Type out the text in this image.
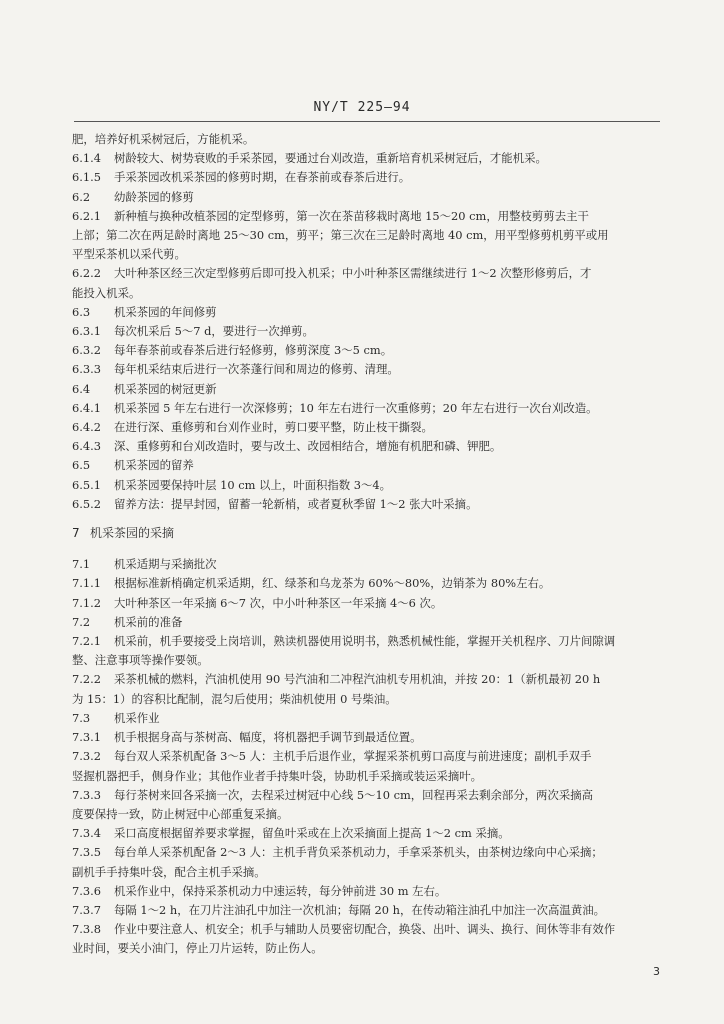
NY/T 225—94
肥，培养好机采树冠后，方能机采。
6.1.4 树龄较大、树势衰败的手采茶园，要通过台刈改造，重新培育机采树冠后，才能机采。
6.1.5 手采茶园改机采茶园的修剪时期，在春茶前或春茶后进行。
6.2 幼龄茶园的修剪
6.2.1 新种植与换种改植茶园的定型修剪，第一次在茶苗移栽时离地 15～20 cm，用整枝剪剪去主干
上部；第二次在两足龄时离地 25～30 cm，剪平；第三次在三足龄时离地 40 cm，用平型修剪机剪平或用
平型采茶机以采代剪。
6.2.2 大叶种茶区经三次定型修剪后即可投入机采；中小叶种茶区需继续进行 1～2 次整形修剪后，才
能投入机采。
6.3 机采茶园的年间修剪
6.3.1 每次机采后 5～7 d，要进行一次掸剪。
6.3.2 每年春茶前或春茶后进行轻修剪，修剪深度 3～5 cm。
6.3.3 每年机采结束后进行一次茶蓬行间和周边的修剪、清理。
6.4 机采茶园的树冠更新
6.4.1 机采茶园 5 年左右进行一次深修剪；10 年左右进行一次重修剪；20 年左右进行一次台刈改造。
6.4.2 在进行深、重修剪和台刈作业时，剪口要平整，防止枝干撕裂。
6.4.3 深、重修剪和台刈改造时，要与改土、改园相结合，增施有机肥和磷、钾肥。
6.5 机采茶园的留养
6.5.1 机采茶园要保持叶层 10 cm 以上，叶面积指数 3～4。
6.5.2 留养方法：提早封园，留蓄一轮新梢，或者夏秋季留 1～2 张大叶采摘。
7 机采茶园的采摘
7.1 机采适期与采摘批次
7.1.1 根据标准新梢确定机采适期，红、绿茶和乌龙茶为 60%～80%，边销茶为 80%左右。
7.1.2 大叶种茶区一年采摘 6～7 次，中小叶种茶区一年采摘 4～6 次。
7.2 机采前的准备
7.2.1 机采前，机手要接受上岗培训，熟读机器使用说明书，熟悉机械性能，掌握开关机程序、刀片间隙调
整、注意事项等操作要领。
7.2.2 采茶机械的燃料，汽油机使用 90 号汽油和二冲程汽油机专用机油，并按 20：1（新机最初 20 h
为 15：1）的容积比配制，混匀后使用；柴油机使用 0 号柴油。
7.3 机采作业
7.3.1 机手根据身高与茶树高、幅度，将机器把手调节到最适位置。
7.3.2 每台双人采茶机配备 3～5 人：主机手后退作业，掌握采茶机剪口高度与前进速度；副机手双手
竖握机器把手，侧身作业；其他作业者手持集叶袋，协助机手采摘或装运采摘叶。
7.3.3 每行茶树来回各采摘一次，去程采过树冠中心线 5～10 cm，回程再采去剩余部分，两次采摘高
度要保持一致，防止树冠中心部重复采摘。
7.3.4 采口高度根据留养要求掌握，留鱼叶采或在上次采摘面上提高 1～2 cm 采摘。
7.3.5 每台单人采茶机配备 2～3 人：主机手背负采茶机动力，手拿采茶机头，由茶树边缘向中心采摘；
副机手手持集叶袋，配合主机手采摘。
7.3.6 机采作业中，保持采茶机动力中速运转，每分钟前进 30 m 左右。
7.3.7 每隔 1～2 h，在刀片注油孔中加注一次机油；每隔 20 h，在传动箱注油孔中加注一次高温黄油。
7.3.8 作业中要注意人、机安全；机手与辅助人员要密切配合，换袋、出叶、调头、换行、间休等非有效作
业时间，要关小油门，停止刀片运转，防止伤人。
3
